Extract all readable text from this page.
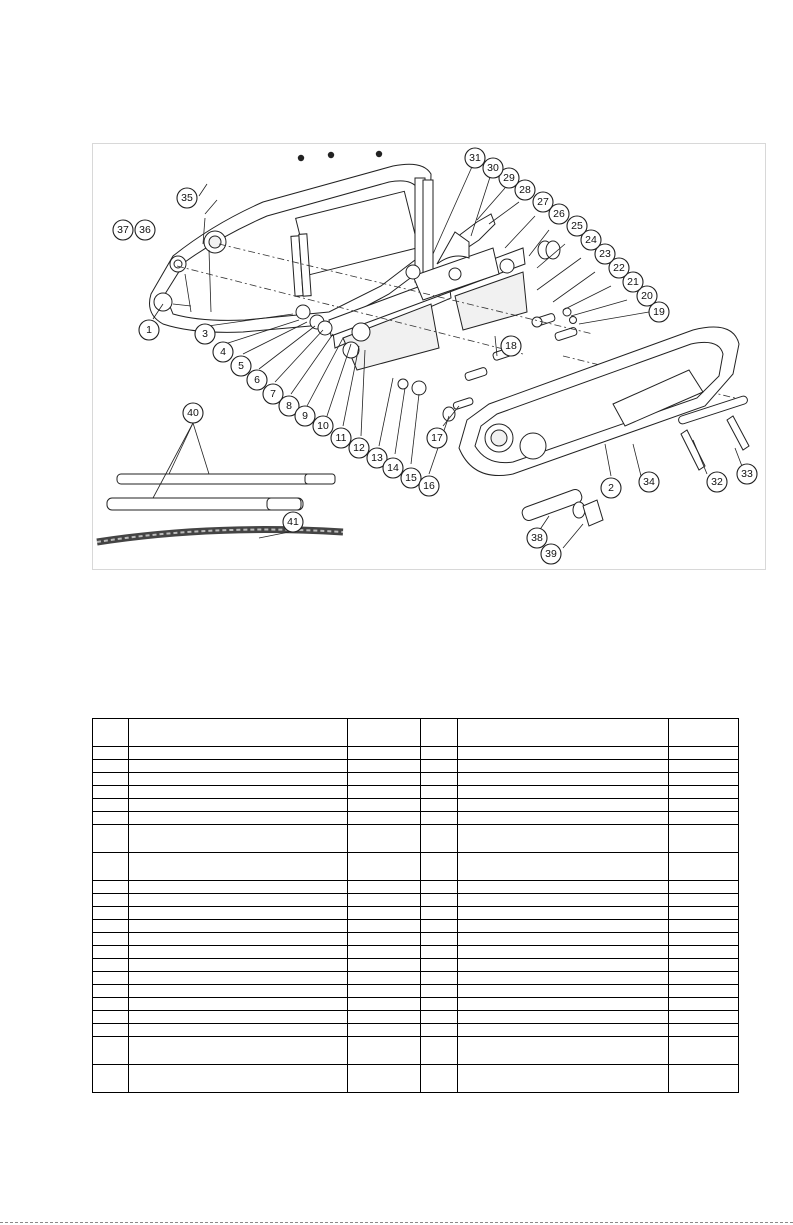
1
2
3
4
5
6
7
8
9
10
11
12
13
14
15
16
17
18
19
20
21
22
23
24
25
26
27
28
29
30
31
32
33
34
35
36
37
38
39
40
41
